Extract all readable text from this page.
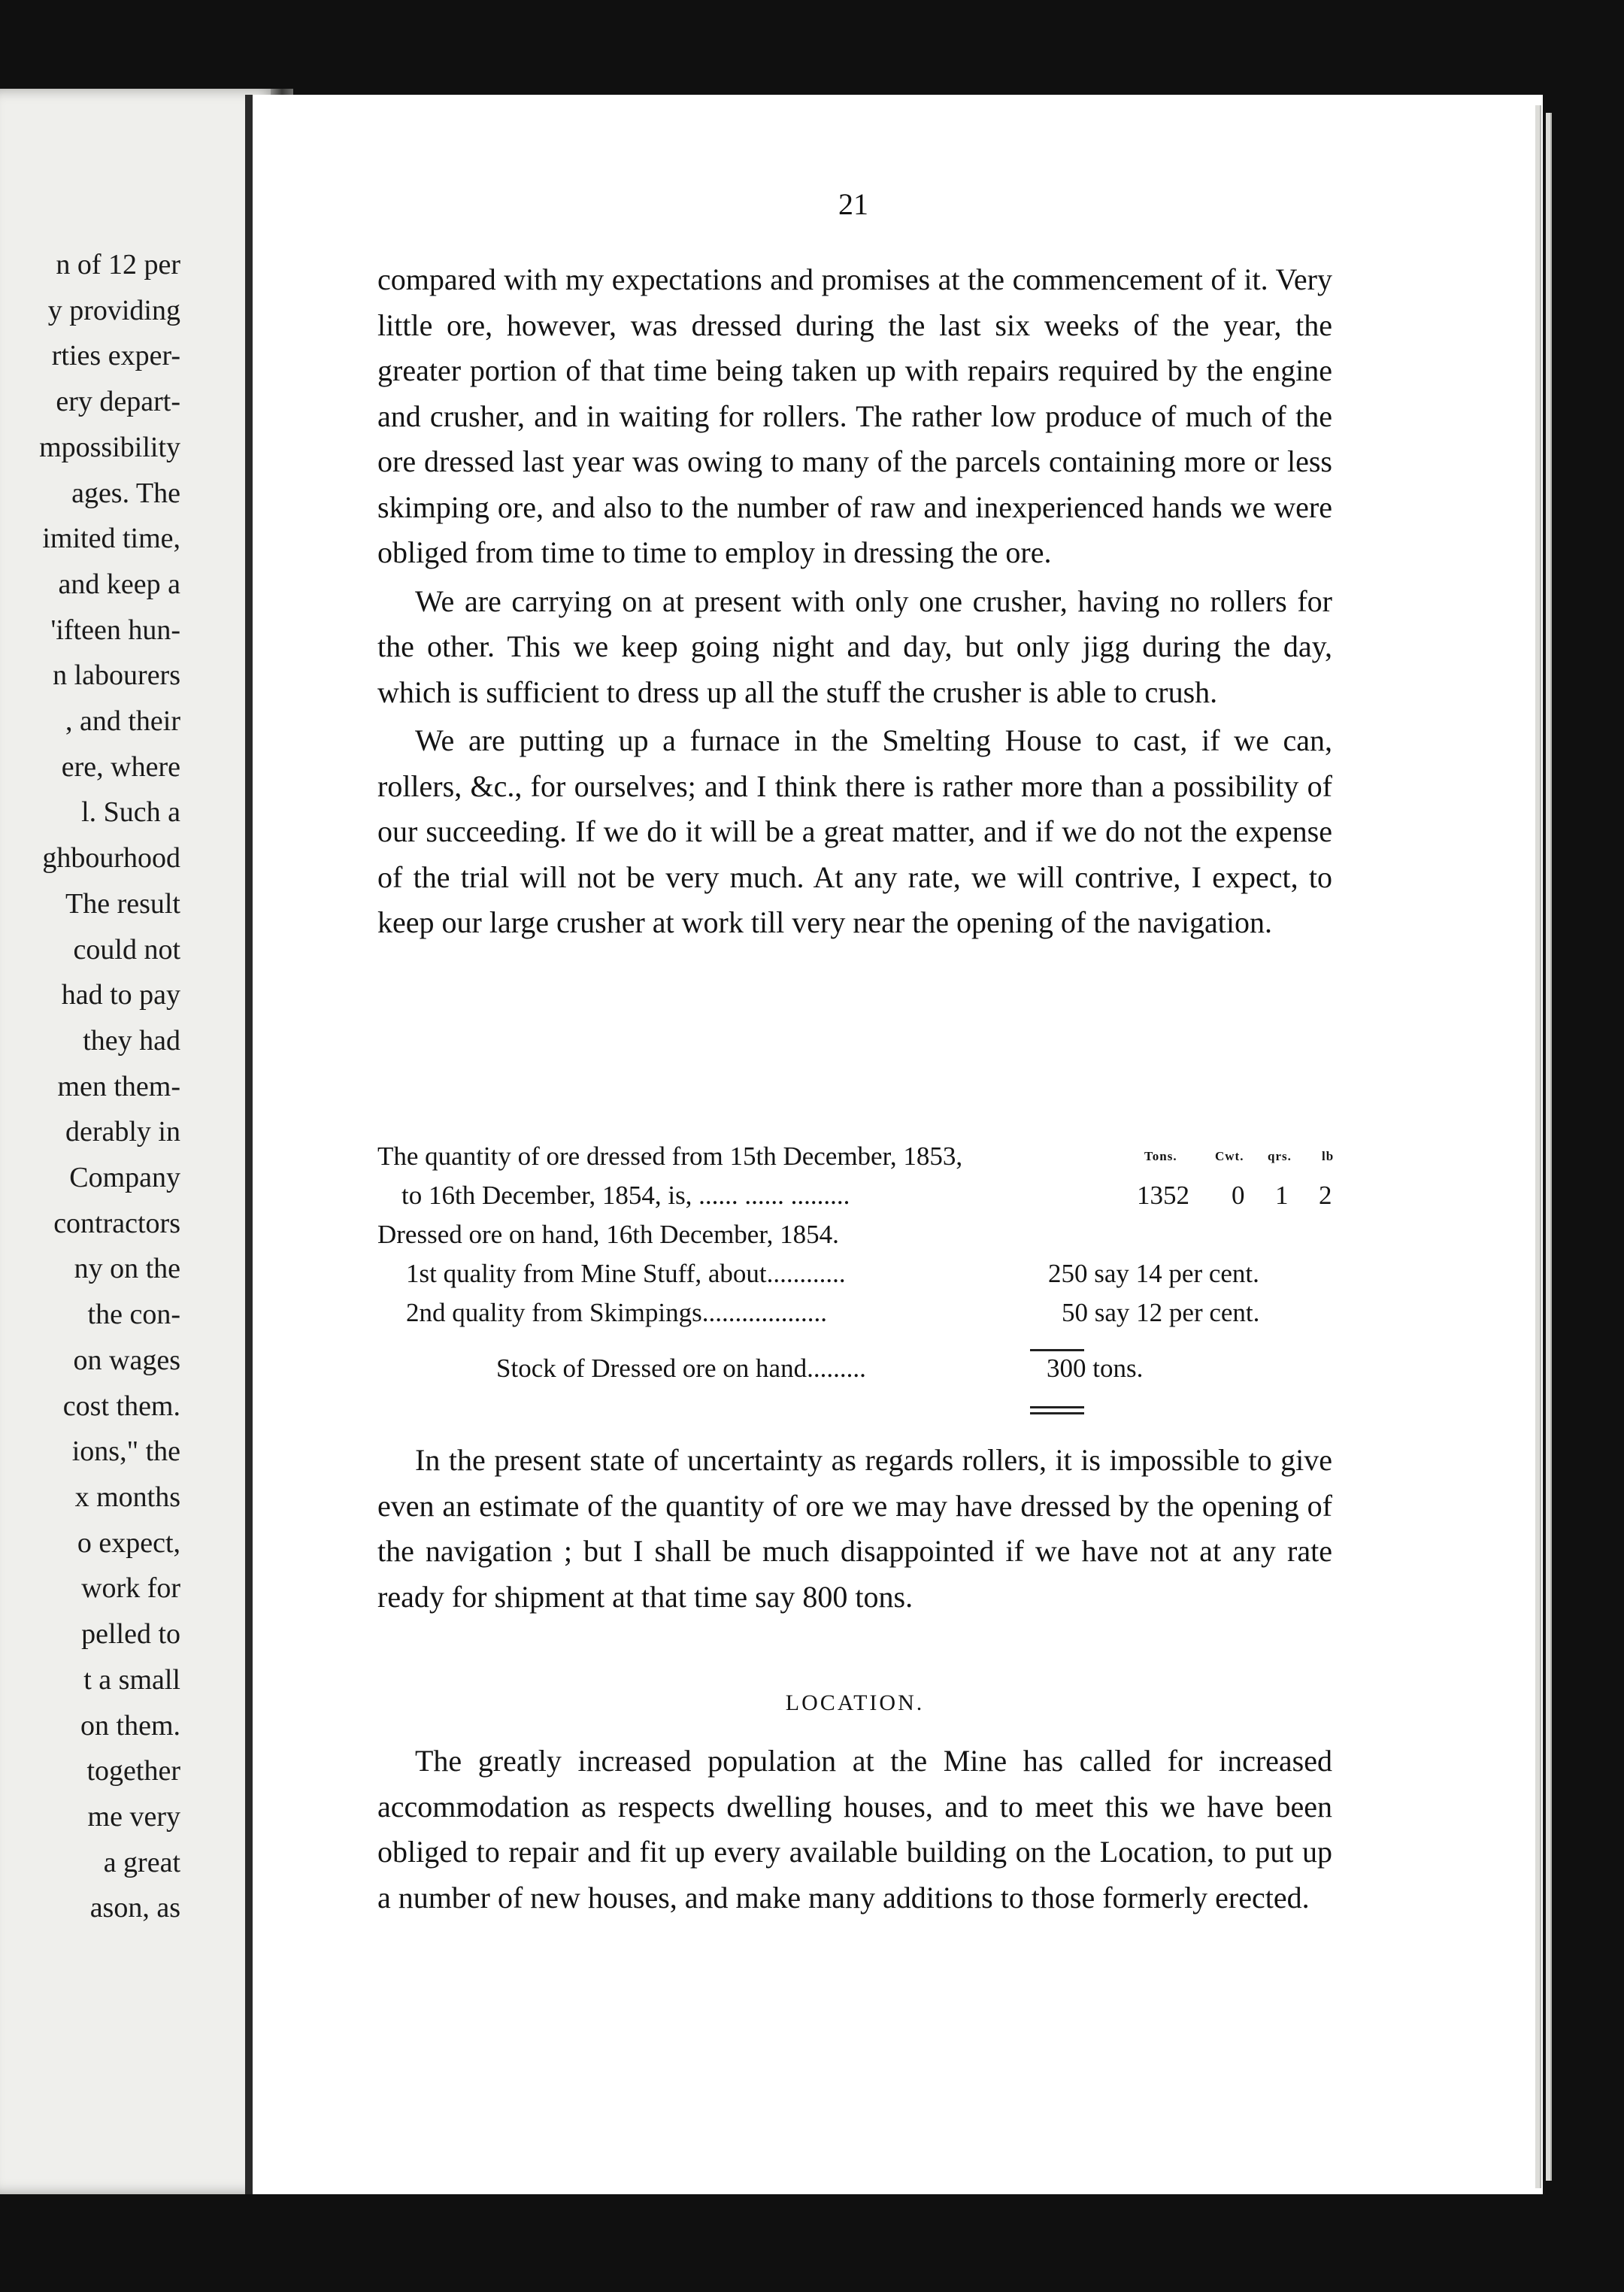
n of 12 per
y providing
rties exper-
ery depart-
mpossibility
ages. The
imited time,
and keep a
'ifteen hun-
n labourers
, and their
ere, where
l. Such a
ghbourhood
The result
could not
had to pay
they had
men them-
derably in
Company
contractors
ny on the
the con-
on wages
cost them.
ions," the
x months
o expect,
work for
pelled to
t a small
on them.
together
me very
a great
ason, as
21

compared with my expectations and promises at the commencement of it. Very little ore, however, was dressed during the last six weeks of the year, the greater portion of that time being taken up with repairs required by the engine and crusher, and in waiting for rollers. The rather low produce of much of the ore dressed last year was owing to many of the parcels containing more or less skimping ore, and also to the number of raw and inexperienced hands we were obliged from time to time to employ in dressing the ore.

We are carrying on at present with only one crusher, having no rollers for the other. This we keep going night and day, but only jigg during the day, which is sufficient to dress up all the stuff the crusher is able to crush.

We are putting up a furnace in the Smelting House to cast, if we can, rollers, &c., for ourselves; and I think there is rather more than a possibility of our succeeding. If we do it will be a great matter, and if we do not the expense of the trial will not be very much. At any rate, we will contrive, I expect, to keep our large crusher at work till very near the opening of the navigation.

The quantity of ore dressed from 15th December, 1853,	Tons.	Cwt. qrs. lb
to 16th December, 1854, is, ...... ...... .........	1352 0 1 2
Dressed ore on hand, 16th December, 1854.
1st quality from Mine Stuff, about............	250 say 14 per cent.
2nd quality from Skimpings...................	50 say 12 per cent.
Stock of Dressed ore on hand.........	300 tons.

In the present state of uncertainty as regards rollers, it is impossible to give even an estimate of the quantity of ore we may have dressed by the opening of the navigation ; but I shall be much disappointed if we have not at any rate ready for shipment at that time say 800 tons.

LOCATION.

The greatly increased population at the Mine has called for increased accommodation as respects dwelling houses, and to meet this we have been obliged to repair and fit up every available building on the Location, to put up a number of new houses, and make many additions to those formerly erected.
